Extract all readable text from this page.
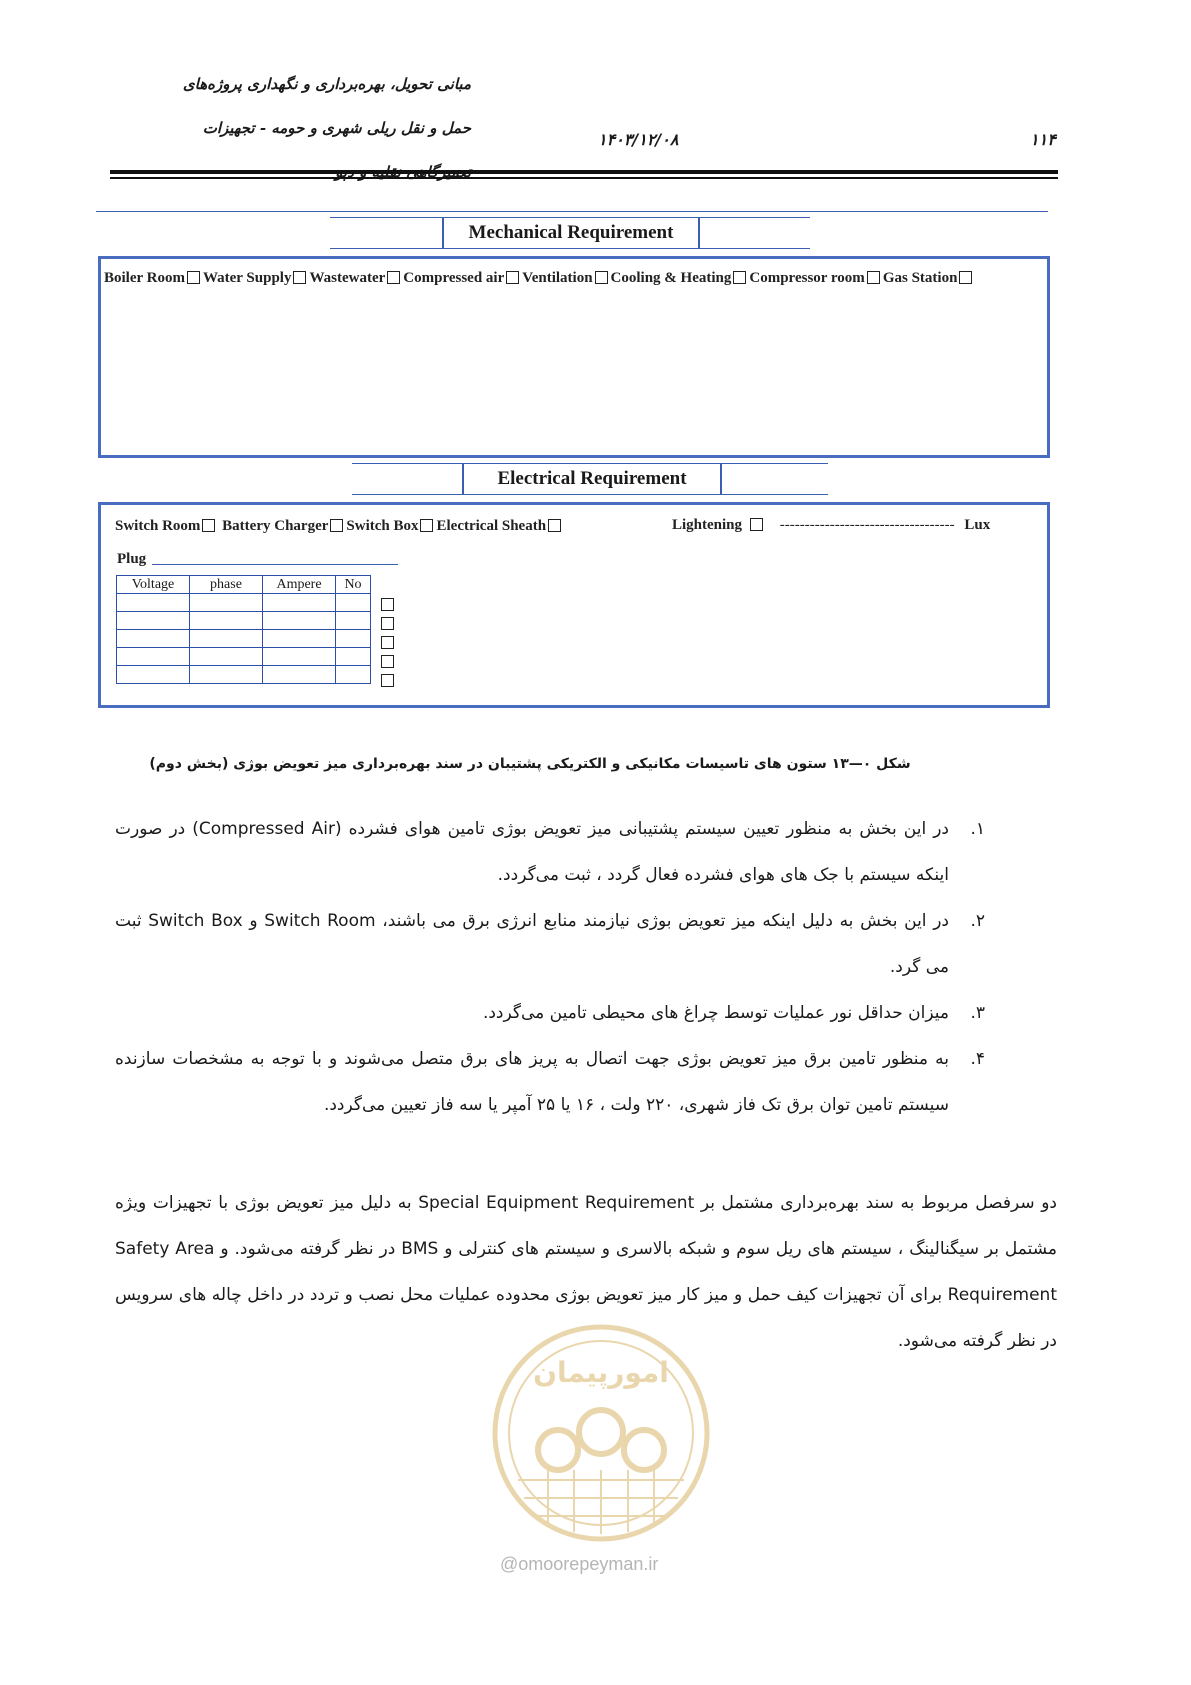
مبانی تحویل، بهره‌برداری و نگهداری پروژه‌های
حمل و نقل ریلی شهری و حومه - تجهیزات
۱۴۰۳/۱۲/۰۸	۱۱۴
Mechanical Requirement
Boiler Room Water Supply Wastewater Compressed air Ventilation Cooling & Heating Compressor room Gas Station
Electrical Requirement
Switch Room Battery Charger Switch Box Electrical Sheath	Lightening	----------------------------------- Lux
Plug
Voltage	phase	Ampere	No

شکل ۰—۱۳ ستون های تاسیسات مکانیکی و الکتریکی پشتیبان در سند بهره‌برداری میز تعویض بوژی (بخش دوم)
۱.
در این بخش به منظور تعیین سیستم پشتیبانی میز تعویض بوژی تامین هوای فشرده (Compressed Air) در صورت اینکه سیستم با جک های هوای فشرده فعال گردد ، ثبت می‌گردد.
۲.
در این بخش به دلیل اینکه میز تعویض بوژی نیازمند منابع انرژی برق می باشند، Switch Room و Switch Box ثبت می گرد.
۳.
میزان حداقل نور عملیات توسط چراغ های محیطی تامین می‌گردد.
۴.
به منظور تامین برق میز تعویض بوژی جهت اتصال به پریز های برق متصل می‌شوند و با توجه به مشخصات سازنده سیستم تامین توان برق تک فاز شهری، ۲۲۰ ولت ، ۱۶ یا ۲۵ آمپر یا سه فاز تعیین می‌گردد.
دو سرفصل مربوط به سند بهره‌برداری مشتمل بر Special Equipment Requirement به دلیل میز تعویض بوژی با تجهیزات ویژه مشتمل بر سیگنالینگ ، سیستم های ریل سوم و شبکه بالاسری و سیستم های کنترلی و BMS در نظر گرفته می‌شود. و Safety Area Requirement برای آن تجهیزات کیف حمل و میز کار میز تعویض بوژی محدوده عملیات محل نصب و تردد در داخل چاله های سرویس در نظر گرفته می‌شود.
امورپیمان
@omoorepeyman.ir
